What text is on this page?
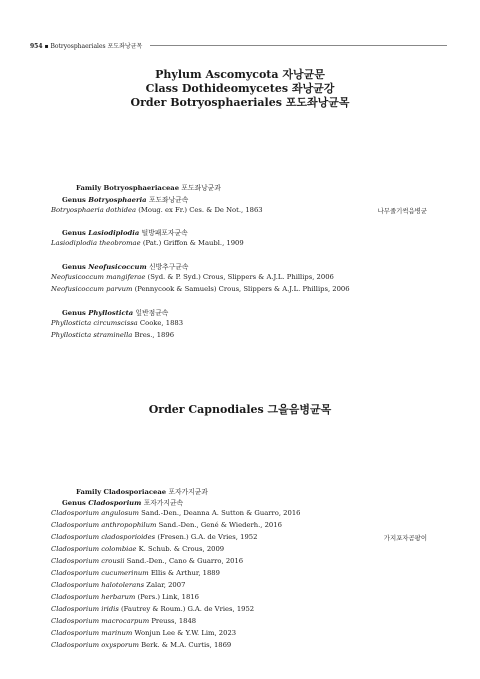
954 ▪ Botryosphaeriales 포도좌낭균목
Phylum Ascomycota 자낭균문
Class Dothideomycetes 좌낭균강
Order Botryosphaeriales 포도좌낭균목
Family Botryosphaeriaceae 포도좌낭균과
Genus Botryosphaeria 포도좌낭균속
Botryosphaeria dothidea (Moug. ex Fr.) Ces. & De Not., 1863	나무줄기썩음병균
Genus Lasiodiplodia 털방패포자균속
Lasiodiplodia theobromae (Pat.) Griffon & Maubl., 1909
Genus Neofusicoccum 신방추구균속
Neofusicoccum mangiferae (Syd. & P. Syd.) Crous, Slippers & A.J.L. Phillips, 2006
Neofusicoccum parvum (Pennycook & Samuels) Crous, Slippers & A.J.L. Phillips, 2006
Genus Phyllosticta 잎반점균속
Phyllosticta circumscissa Cooke, 1883
Phyllosticta straminella Bres., 1896
Order Capnodiales 그을음병균목
Family Cladosporiaceae 포자가지균과
Genus Cladosporium 포자가지균속
Cladosporium angulosum Sand.-Den., Deanna A. Sutton & Guarro, 2016
Cladosporium anthropophilum Sand.-Den., Gené & Wiederh., 2016
Cladosporium cladosporioides (Fresen.) G.A. de Vries, 1952	가지포자곰팡이
Cladosporium colombiae K. Schub. & Crous, 2009
Cladosporium crousii Sand.-Den., Cano & Guarro, 2016
Cladosporium cucumerinum Ellis & Arthur, 1889
Cladosporium halotolerans Zalar, 2007
Cladosporium herbarum (Pers.) Link, 1816
Cladosporium iridis (Fautrey & Roum.) G.A. de Vries, 1952
Cladosporium macrocarpum Preuss, 1848
Cladosporium marinum Wonjun Lee & Y.W. Lim, 2023
Cladosporium oxysporum Berk. & M.A. Curtis, 1869
